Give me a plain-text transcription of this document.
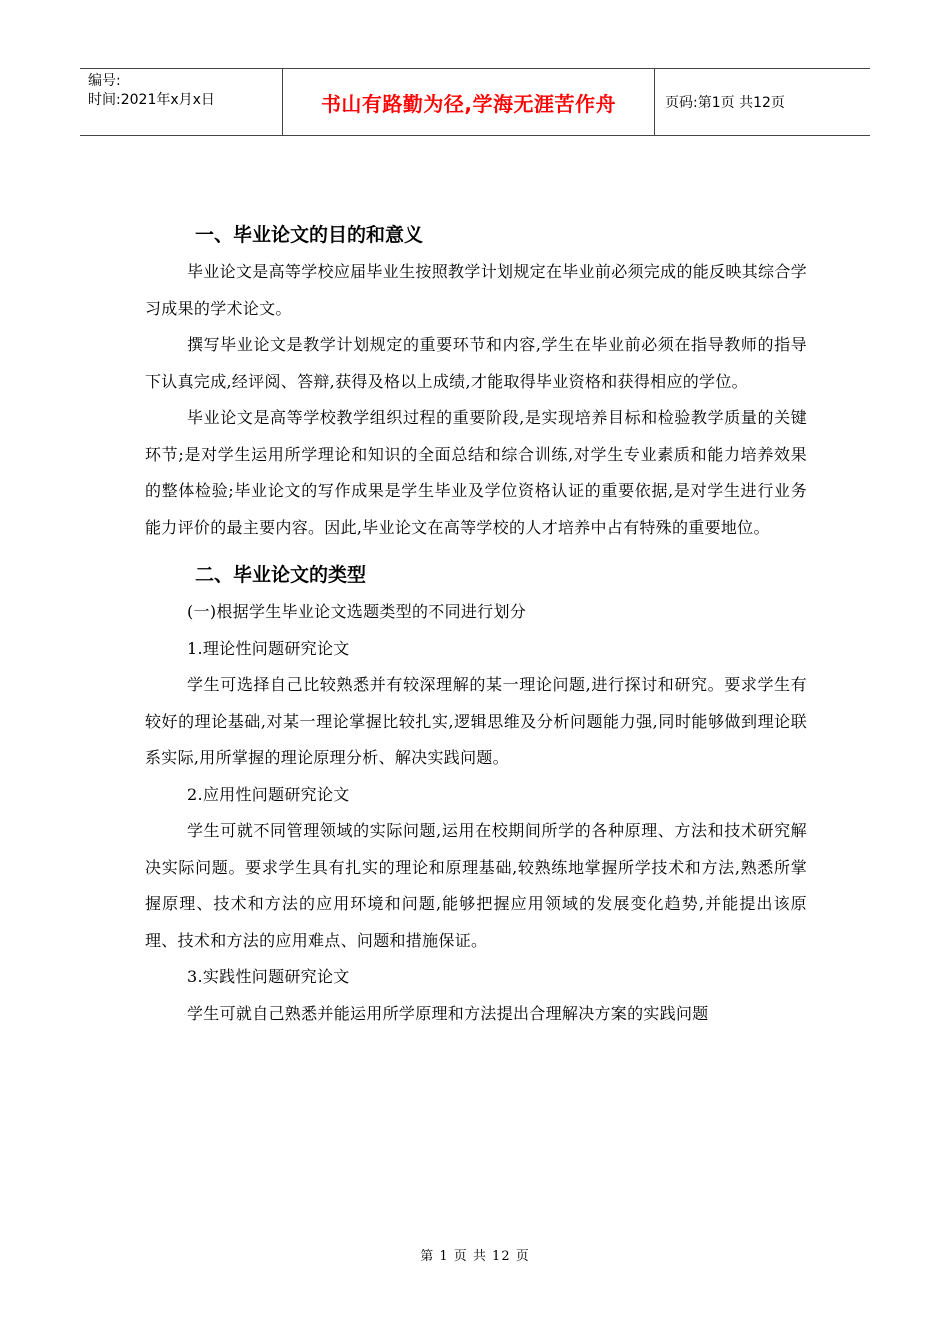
编号:
时间:2021年x月x日	书山有路勤为径,学海无涯苦作舟	页码:第1页 共12页
一、毕业论文的目的和意义

毕业论文是高等学校应届毕业生按照教学计划规定在毕业前必须完成的能反映其综合学习成果的学术论文。

撰写毕业论文是教学计划规定的重要环节和内容,学生在毕业前必须在指导教师的指导下认真完成,经评阅、答辩,获得及格以上成绩,才能取得毕业资格和获得相应的学位。

毕业论文是高等学校教学组织过程的重要阶段,是实现培养目标和检验教学质量的关键环节;是对学生运用所学理论和知识的全面总结和综合训练,对学生专业素质和能力培养效果的整体检验;毕业论文的写作成果是学生毕业及学位资格认证的重要依据,是对学生进行业务能力评价的最主要内容。因此,毕业论文在高等学校的人才培养中占有特殊的重要地位。

二、毕业论文的类型

(一)根据学生毕业论文选题类型的不同进行划分

1.理论性问题研究论文

学生可选择自己比较熟悉并有较深理解的某一理论问题,进行探讨和研究。要求学生有较好的理论基础,对某一理论掌握比较扎实,逻辑思维及分析问题能力强,同时能够做到理论联系实际,用所掌握的理论原理分析、解决实践问题。

2.应用性问题研究论文

学生可就不同管理领域的实际问题,运用在校期间所学的各种原理、方法和技术研究解决实际问题。要求学生具有扎实的理论和原理基础,较熟练地掌握所学技术和方法,熟悉所掌握原理、技术和方法的应用环境和问题,能够把握应用领域的发展变化趋势,并能提出该原理、技术和方法的应用难点、问题和措施保证。

3.实践性问题研究论文

学生可就自己熟悉并能运用所学原理和方法提出合理解决方案的实践问题

第 1 页 共 12 页
